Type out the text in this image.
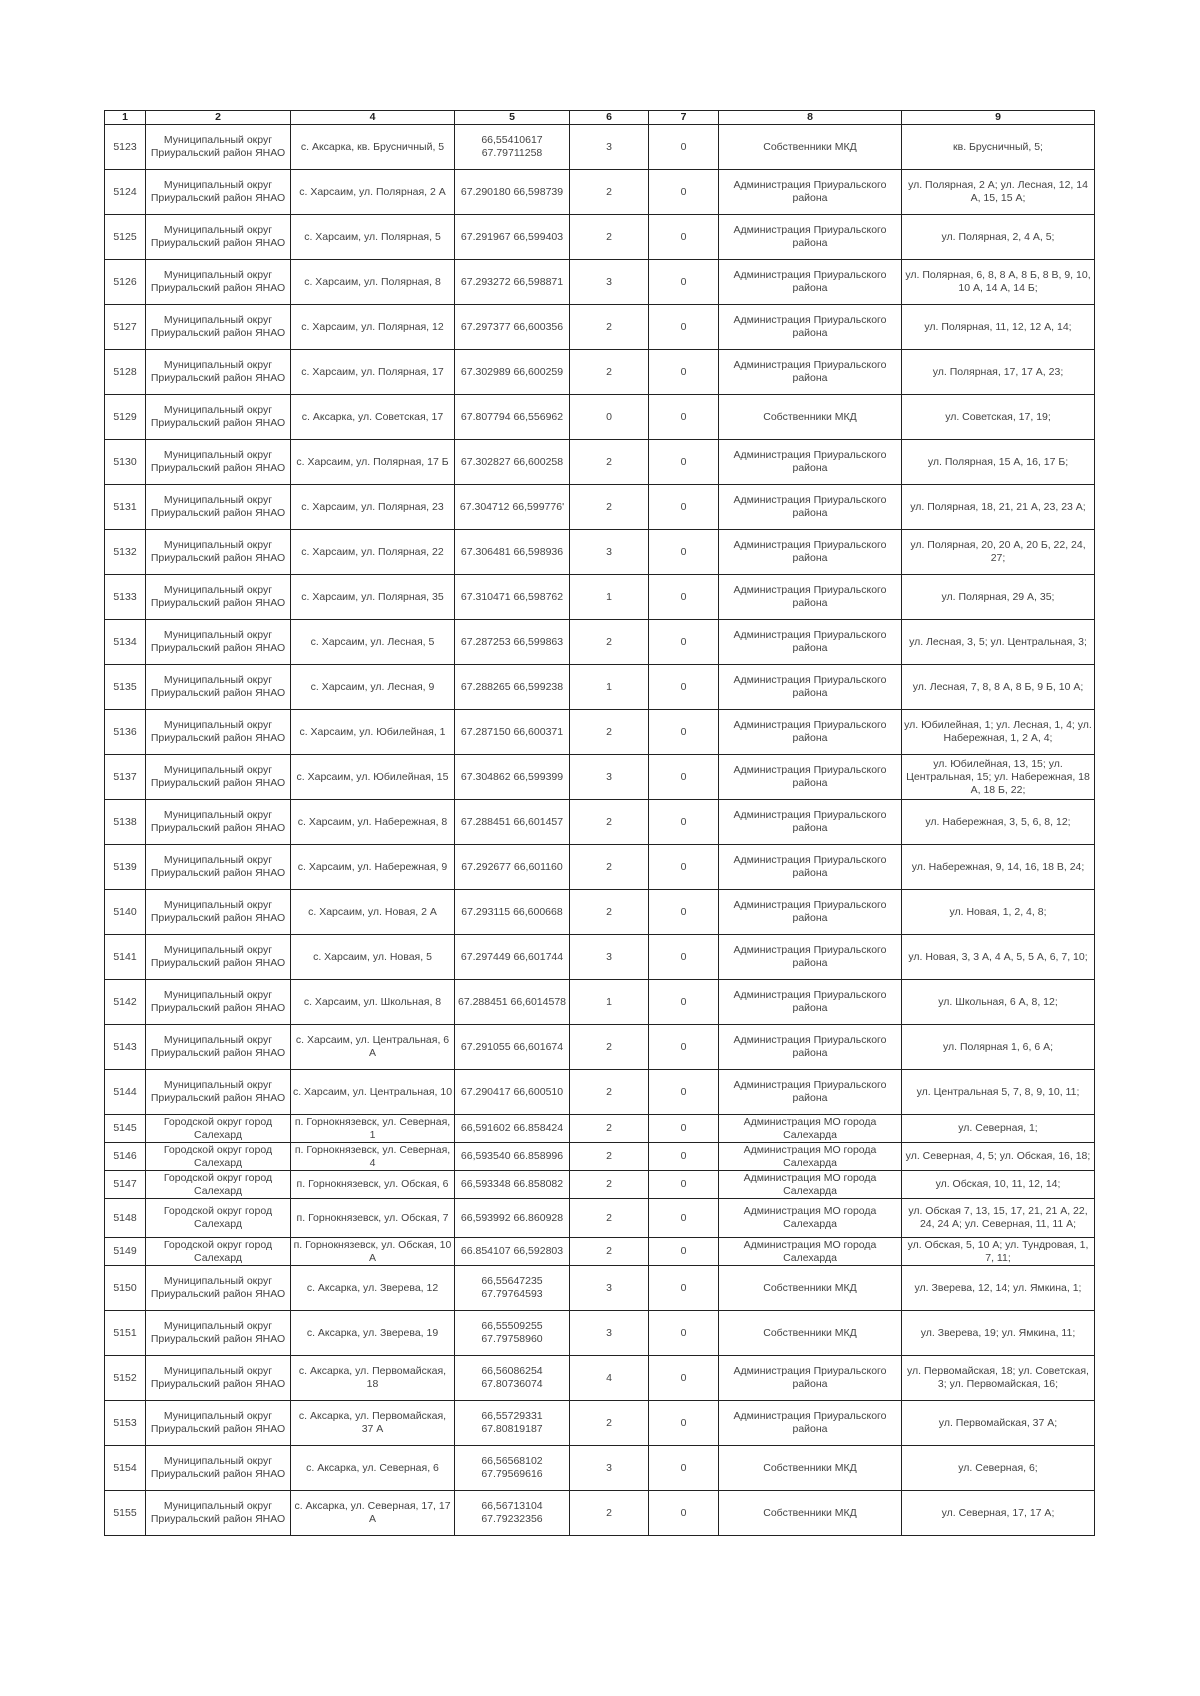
1	2	4	5	6	7	8	9
5123	Муниципальный округ Приуральский район ЯНАО	с. Аксарка, кв. Брусничный, 5	66,55410617 67.79711258	3	0	Собственники МКД	кв. Брусничный, 5;
5124	Муниципальный округ Приуральский район ЯНАО	с. Харсаим, ул. Полярная, 2 А	67.290180 66,598739	2	0	Администрация Приуральского района	ул. Полярная, 2 А; ул. Лесная, 12, 14 А, 15, 15 А;
5125	Муниципальный округ Приуральский район ЯНАО	с. Харсаим, ул. Полярная, 5	67.291967 66,599403	2	0	Администрация Приуральского района	ул. Полярная, 2, 4 А, 5;
5126	Муниципальный округ Приуральский район ЯНАО	с. Харсаим, ул. Полярная, 8	67.293272 66,598871	3	0	Администрация Приуральского района	ул. Полярная, 6, 8, 8 А, 8 Б, 8 В, 9, 10, 10 А, 14 А, 14 Б;
5127	Муниципальный округ Приуральский район ЯНАО	с. Харсаим, ул. Полярная, 12	67.297377 66,600356	2	0	Администрация Приуральского района	ул. Полярная, 11, 12, 12 А, 14;
5128	Муниципальный округ Приуральский район ЯНАО	с. Харсаим, ул. Полярная, 17	67.302989 66,600259	2	0	Администрация Приуральского района	ул. Полярная, 17, 17 А, 23;
5129	Муниципальный округ Приуральский район ЯНАО	с. Аксарка, ул. Советская, 17	67.807794 66,556962	0	0	Собственники МКД	ул. Советская, 17, 19;
5130	Муниципальный округ Приуральский район ЯНАО	с. Харсаим, ул. Полярная, 17 Б	67.302827 66,600258	2	0	Администрация Приуральского района	ул. Полярная, 15 А, 16, 17 Б;
5131	Муниципальный округ Приуральский район ЯНАО	с. Харсаим, ул. Полярная, 23	67.304712 66,599776'	2	0	Администрация Приуральского района	ул. Полярная, 18, 21, 21 А, 23, 23 А;
5132	Муниципальный округ Приуральский район ЯНАО	с. Харсаим, ул. Полярная, 22	67.306481 66,598936	3	0	Администрация Приуральского района	ул. Полярная, 20, 20 А, 20 Б, 22, 24, 27;
5133	Муниципальный округ Приуральский район ЯНАО	с. Харсаим, ул. Полярная, 35	67.310471 66,598762	1	0	Администрация Приуральского района	ул. Полярная, 29 А, 35;
5134	Муниципальный округ Приуральский район ЯНАО	с. Харсаим, ул. Лесная, 5	67.287253 66,599863	2	0	Администрация Приуральского района	ул. Лесная, 3, 5; ул. Центральная, 3;
5135	Муниципальный округ Приуральский район ЯНАО	с. Харсаим, ул. Лесная, 9	67.288265 66,599238	1	0	Администрация Приуральского района	ул. Лесная, 7, 8, 8 А, 8 Б, 9 Б, 10 А;
5136	Муниципальный округ Приуральский район ЯНАО	с. Харсаим, ул. Юбилейная, 1	67.287150 66,600371	2	0	Администрация Приуральского района	ул. Юбилейная, 1; ул. Лесная, 1, 4; ул. Набережная, 1, 2 А, 4;
5137	Муниципальный округ Приуральский район ЯНАО	с. Харсаим, ул. Юбилейная, 15	67.304862 66,599399	3	0	Администрация Приуральского района	ул. Юбилейная, 13, 15; ул. Центральная, 15; ул. Набережная, 18 А, 18 Б, 22;
5138	Муниципальный округ Приуральский район ЯНАО	с. Харсаим, ул. Набережная, 8	67.288451 66,601457	2	0	Администрация Приуральского района	ул. Набережная, 3, 5, 6, 8, 12;
5139	Муниципальный округ Приуральский район ЯНАО	с. Харсаим, ул. Набережная, 9	67.292677 66,601160	2	0	Администрация Приуральского района	ул. Набережная, 9, 14, 16, 18 В, 24;
5140	Муниципальный округ Приуральский район ЯНАО	с. Харсаим, ул. Новая, 2 А	67.293115 66,600668	2	0	Администрация Приуральского района	ул. Новая, 1, 2, 4, 8;
5141	Муниципальный округ Приуральский район ЯНАО	с. Харсаим, ул. Новая, 5	67.297449 66,601744	3	0	Администрация Приуральского района	ул. Новая, 3, 3 А, 4 А, 5, 5 А, 6, 7, 10;
5142	Муниципальный округ Приуральский район ЯНАО	с. Харсаим, ул. Школьная, 8	67.288451 66,6014578	1	0	Администрация Приуральского района	ул. Школьная, 6 А, 8, 12;
5143	Муниципальный округ Приуральский район ЯНАО	с. Харсаим, ул. Центральная, 6 А	67.291055 66,601674	2	0	Администрация Приуральского района	ул. Полярная 1, 6, 6 А;
5144	Муниципальный округ Приуральский район ЯНАО	с. Харсаим, ул. Центральная, 10	67.290417 66,600510	2	0	Администрация Приуральского района	ул. Центральная 5, 7, 8, 9, 10, 11;
5145	Городской округ город Салехард	п. Горнокнязевск, ул. Северная, 1	66,591602 66.858424	2	0	Администрация МО города Салехарда	ул. Северная, 1;
5146	Городской округ город Салехард	п. Горнокнязевск, ул. Северная, 4	66,593540 66.858996	2	0	Администрация МО города Салехарда	ул. Северная, 4, 5; ул. Обская, 16, 18;
5147	Городской округ город Салехард	п. Горнокнязевск, ул. Обская, 6	66,593348 66.858082	2	0	Администрация МО города Салехарда	ул. Обская, 10, 11, 12, 14;
5148	Городской округ город Салехард	п. Горнокнязевск, ул. Обская, 7	66,593992 66.860928	2	0	Администрация МО города Салехарда	ул. Обская 7, 13, 15, 17, 21, 21 А, 22, 24, 24 А; ул. Северная, 11, 11 А;
5149	Городской округ город Салехард	п. Горнокнязевск, ул. Обская, 10 А	66.854107 66,592803	2	0	Администрация МО города Салехарда	ул. Обская, 5, 10 А; ул. Тундровая, 1, 7, 11;
5150	Муниципальный округ Приуральский район ЯНАО	с. Аксарка, ул. Зверева, 12	66,55647235 67.79764593	3	0	Собственники МКД	ул. Зверева, 12, 14; ул. Ямкина, 1;
5151	Муниципальный округ Приуральский район ЯНАО	с. Аксарка, ул. Зверева, 19	66,55509255 67.79758960	3	0	Собственники МКД	ул. Зверева, 19; ул. Ямкина, 11;
5152	Муниципальный округ Приуральский район ЯНАО	с. Аксарка, ул. Первомайская, 18	66,56086254 67.80736074	4	0	Администрация Приуральского района	ул. Первомайская, 18; ул. Советская, 3; ул. Первомайская, 16;
5153	Муниципальный округ Приуральский район ЯНАО	с. Аксарка, ул. Первомайская, 37 А	66,55729331 67.80819187	2	0	Администрация Приуральского района	ул. Первомайская, 37 А;
5154	Муниципальный округ Приуральский район ЯНАО	с. Аксарка, ул. Северная, 6	66,56568102 67.79569616	3	0	Собственники МКД	ул. Северная, 6;
5155	Муниципальный округ Приуральский район ЯНАО	с. Аксарка, ул. Северная, 17, 17 А	66,56713104 67.79232356	2	0	Собственники МКД	ул. Северная, 17, 17 А;
